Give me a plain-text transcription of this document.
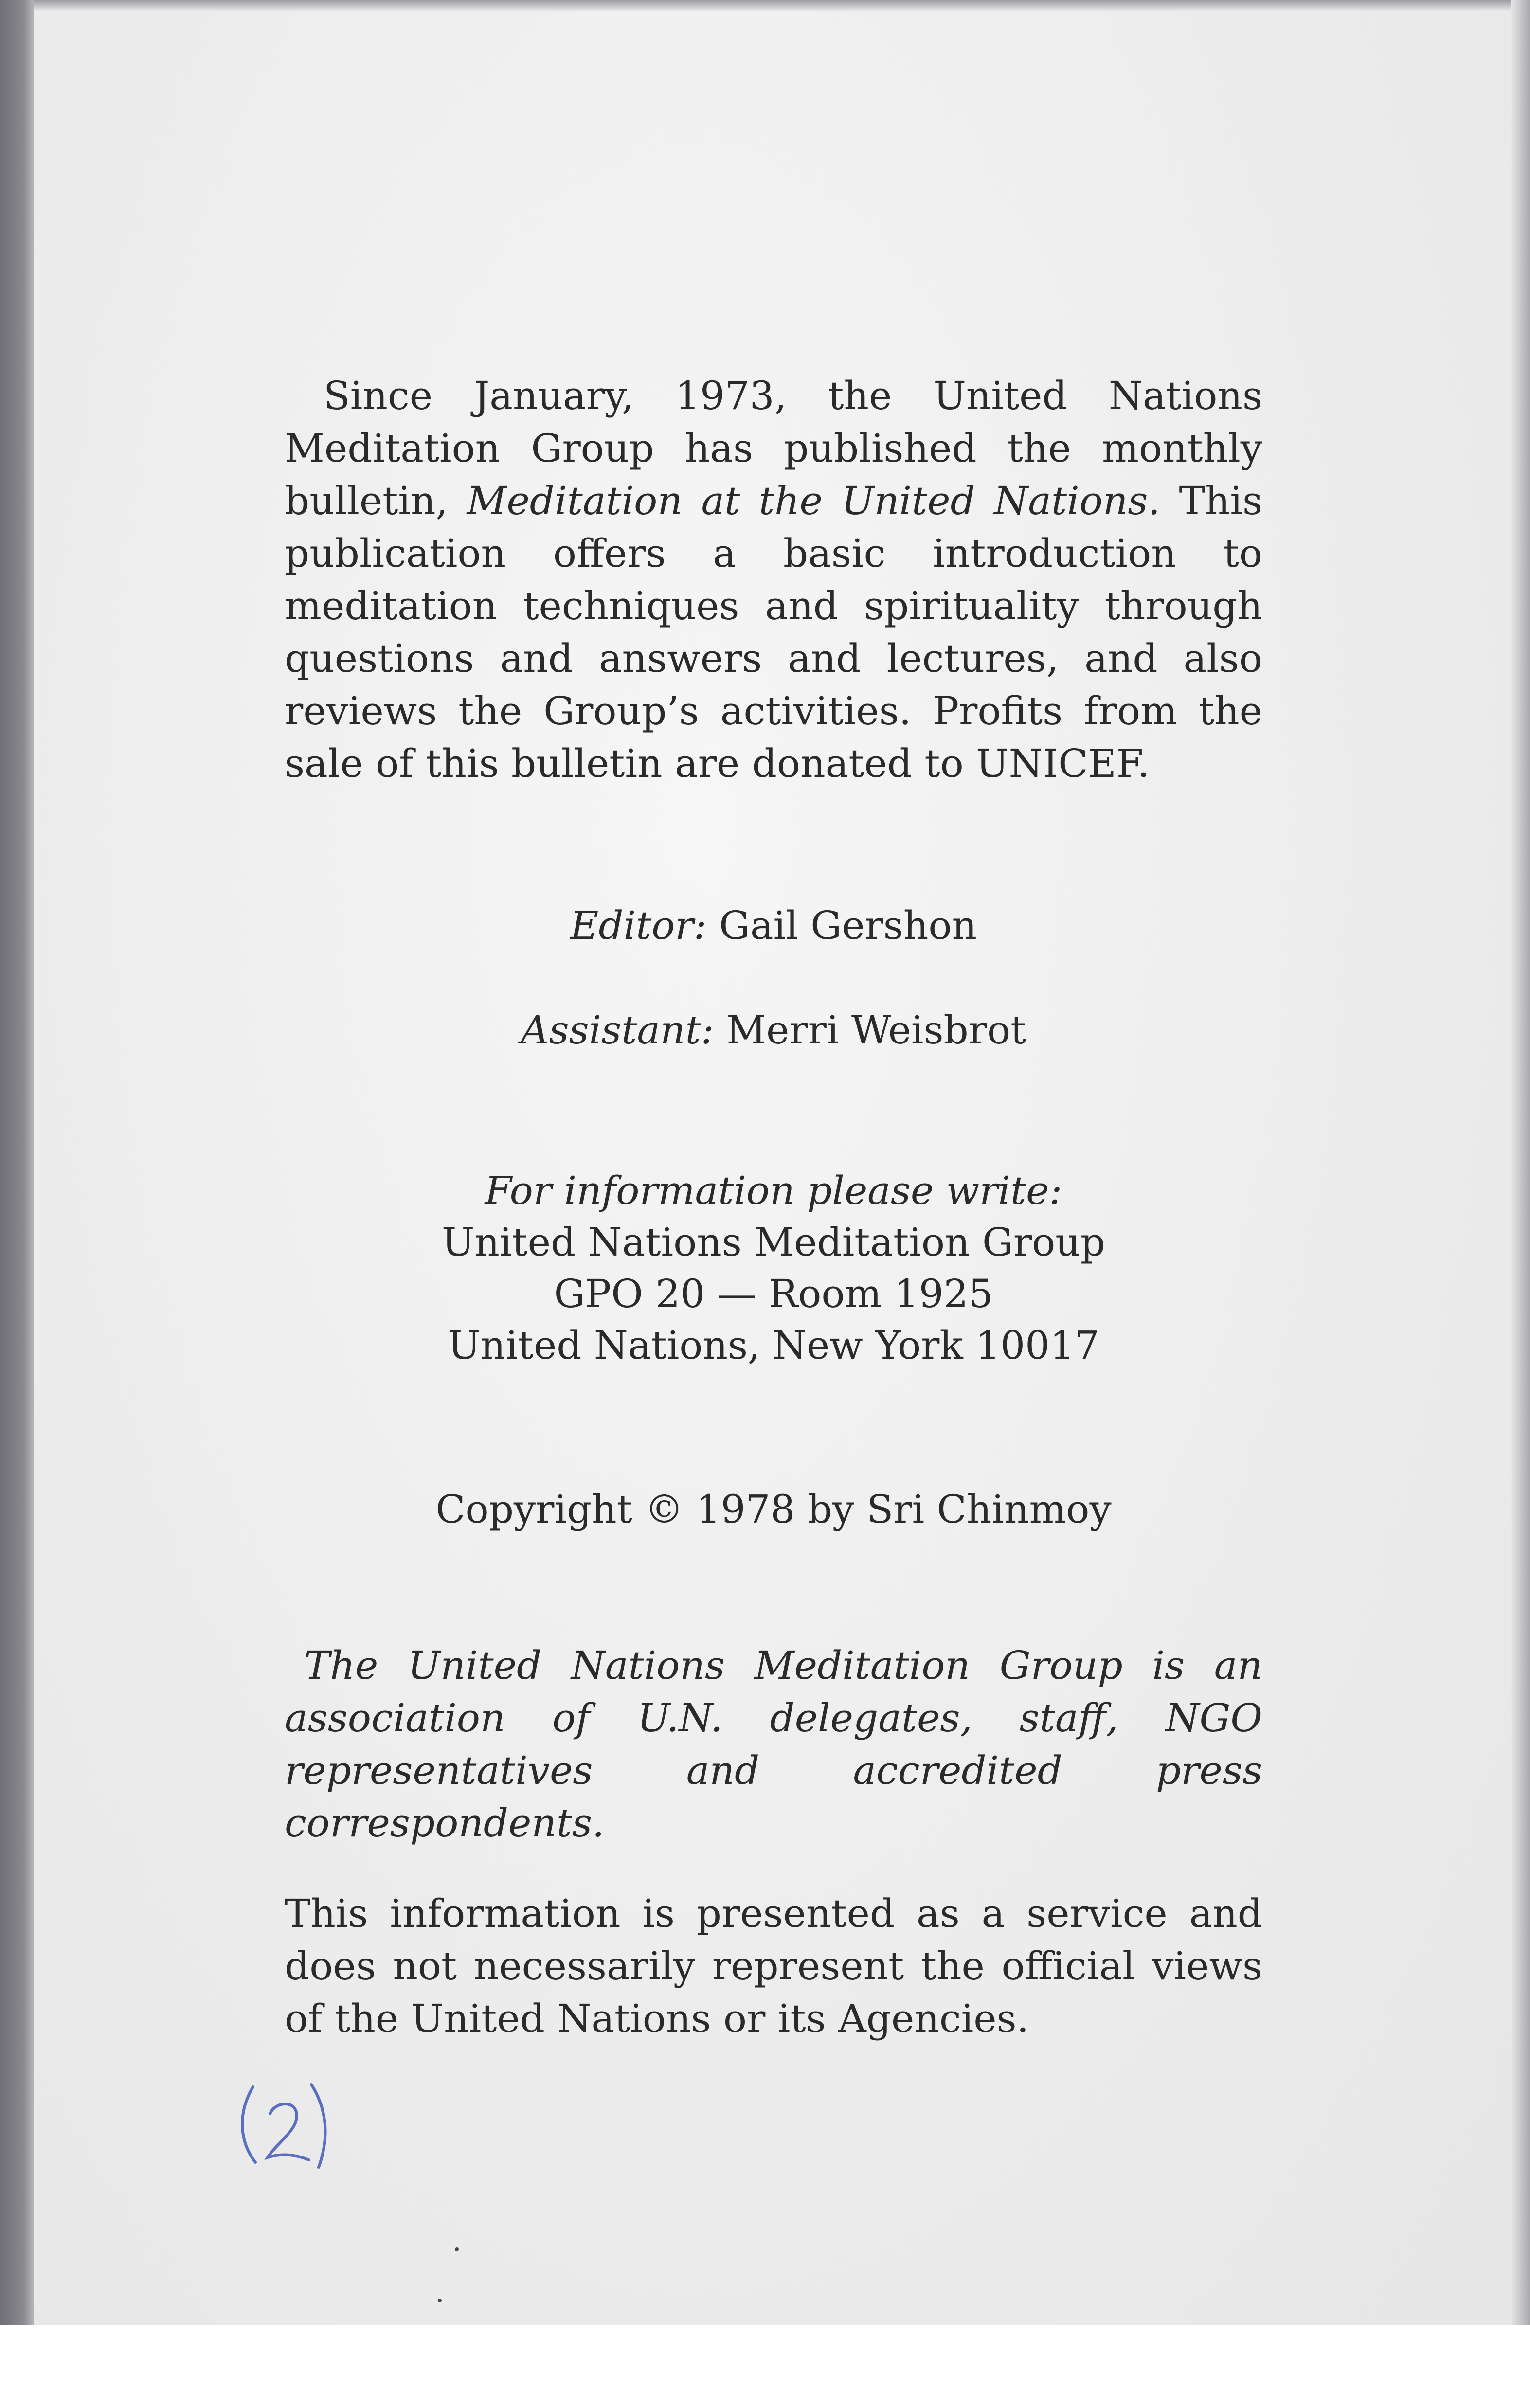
Since January, 1973, the United Nations Meditation Group has published the monthly bulletin, Meditation at the United Nations. This publication offers a basic introduction to meditation techniques and spirituality through questions and answers and lectures, and also reviews the Group’s activities. Profits from the sale of this bulletin are donated to UNICEF.

Editor: Gail Gershon
Assistant: Merri Weisbrot
For information please write:
United Nations Meditation Group
GPO 20 — Room 1925
United Nations, New York 10017
Copyright © 1978 by Sri Chinmoy

The United Nations Meditation Group is an association of U.N. delegates, staff, NGO representatives and accredited press correspondents.

This information is presented as a service and does not necessarily represent the official views of the United Nations or its Agencies.

(2)
